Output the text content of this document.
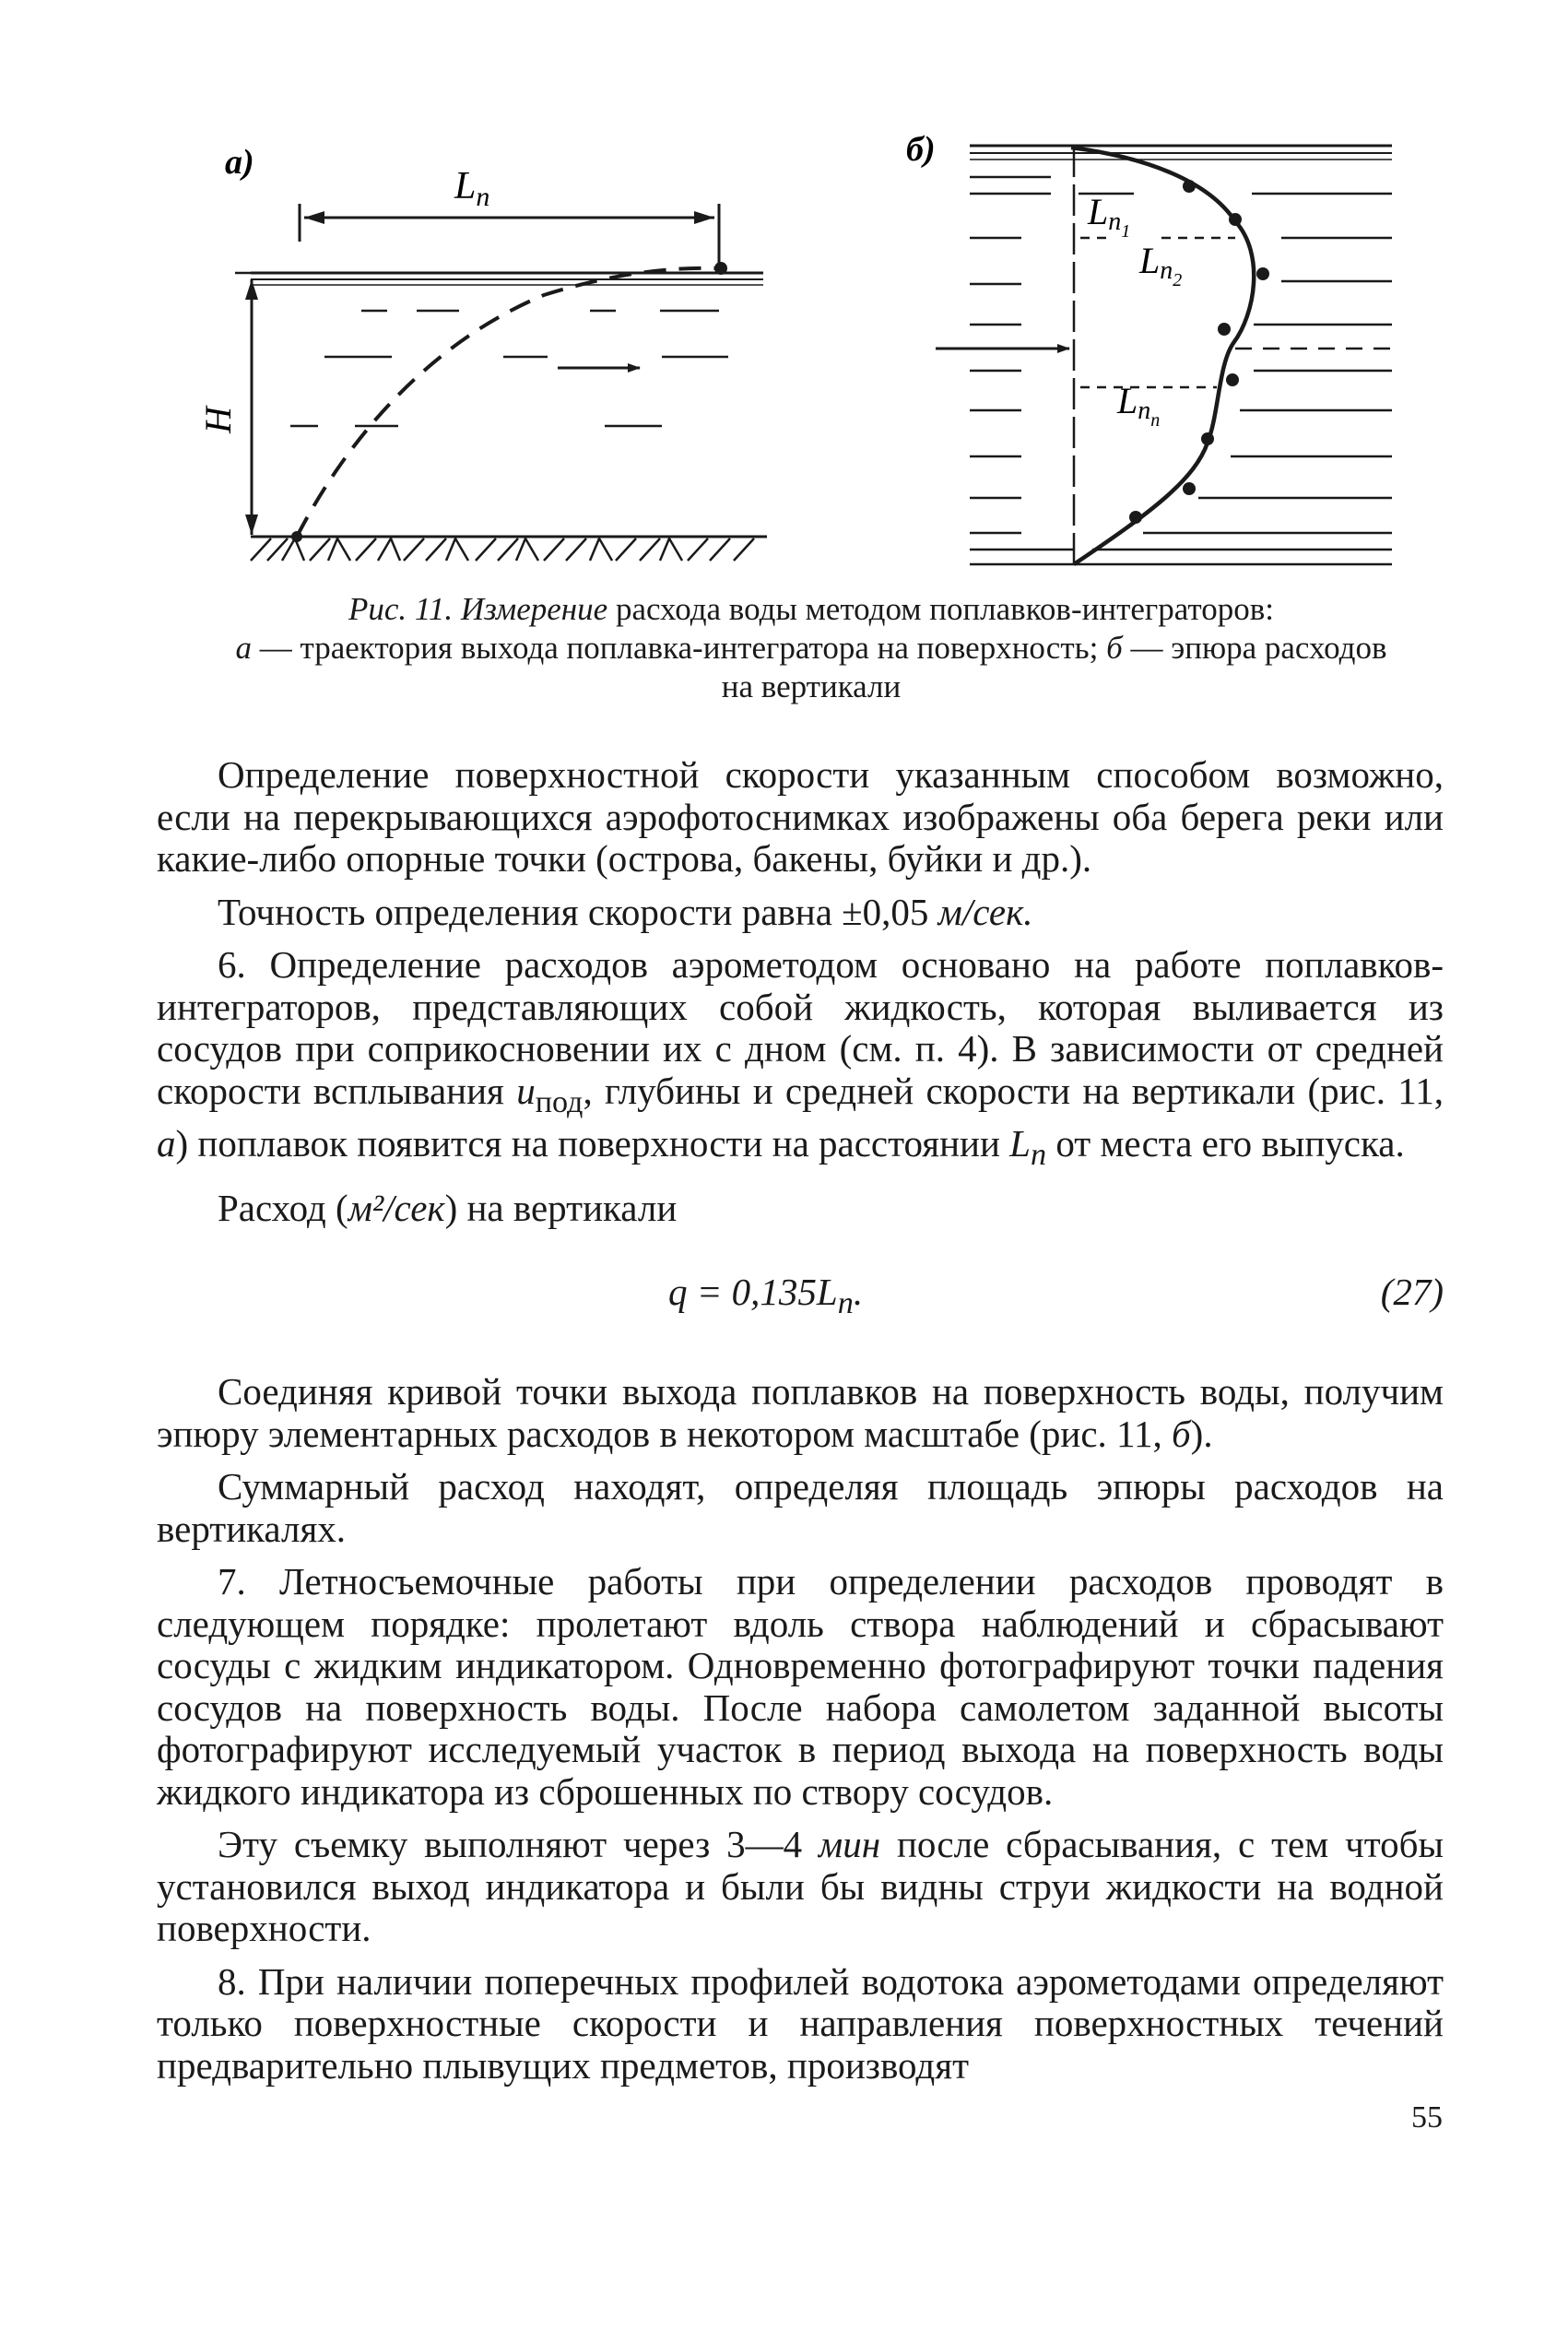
а)
Ln
H
б)
$Ln_1$
$Ln_2$
$Ln_n$
Рис. 11. Измерение расхода воды методом поплавков-интеграторов:
а — траектория выхода поплавка-интегратора на поверхность; б — эпюра расходов на вертикали

Определение поверхностной скорости указанным способом возможно, если на перекрывающихся аэрофотоснимках изображены оба берега реки или какие-либо опорные точки (острова, бакены, буйки и др.).

Точность определения скорости равна ±0,05 м/сек.

6. Определение расходов аэрометодом основано на работе поплавков-интеграторов, представляющих собой жидкость, которая выливается из сосудов при соприкосновении их с дном (см. п. 4). В зависимости от средней скорости всплывания $u_{под}$, глубины и средней скорости на вертикали (рис. 11, а) поплавок появится на поверхности на расстоянии $L_n$ от места его выпуска.

Расход (м²/сек) на вертикали

$q = 0,135L_n$.	(27)

Соединяя кривой точки выхода поплавков на поверхность воды, получим эпюру элементарных расходов в некотором масштабе (рис. 11, б).

Суммарный расход находят, определяя площадь эпюры расходов на вертикалях.

7. Летносъемочные работы при определении расходов проводят в следующем порядке: пролетают вдоль створа наблюдений и сбрасывают сосуды с жидким индикатором. Одновременно фотографируют точки падения сосудов на поверхность воды. После набора самолетом заданной высоты фотографируют исследуемый участок в период выхода на поверхность воды жидкого индикатора из сброшенных по створу сосудов.

Эту съемку выполняют через 3—4 мин после сбрасывания, с тем чтобы установился выход индикатора и были бы видны струи жидкости на водной поверхности.

8. При наличии поперечных профилей водотока аэрометодами определяют только поверхностные скорости и направления поверхностных течений предварительно плывущих предметов, производят

55
